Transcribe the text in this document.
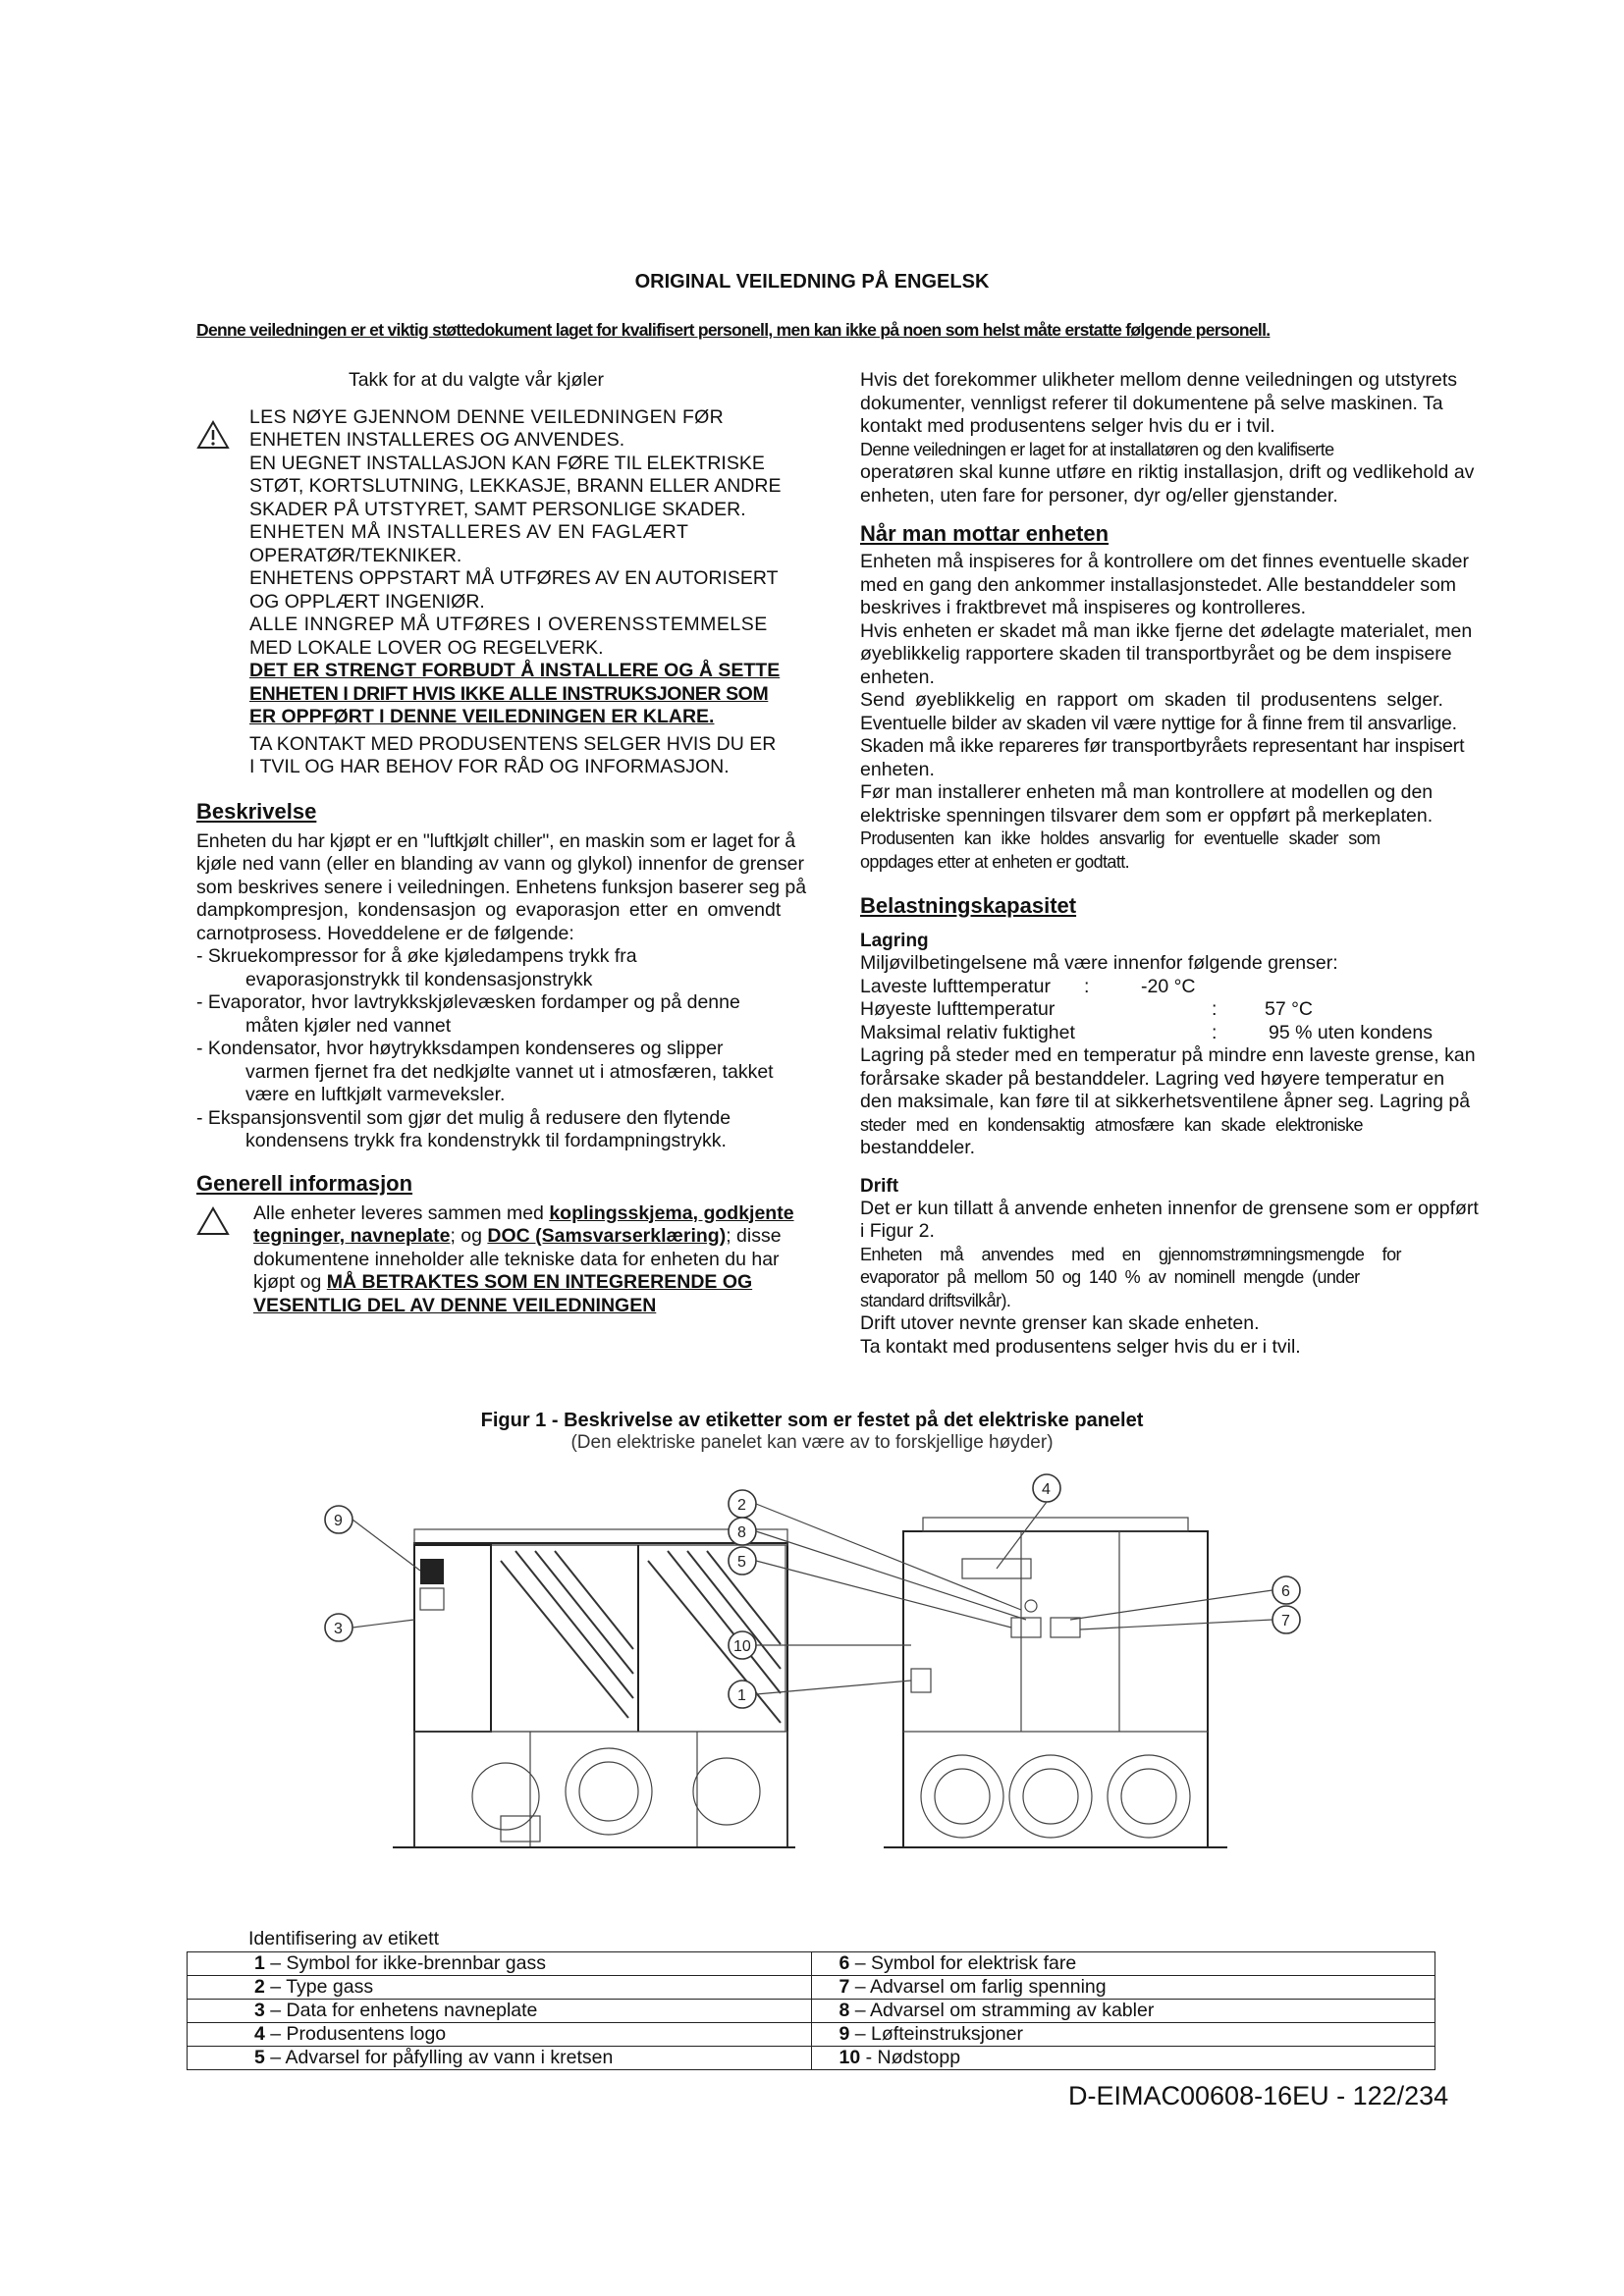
ORIGINAL VEILEDNING PÅ ENGELSK

Denne veiledningen er et viktig støttedokument laget for kvalifisert personell, men kan ikke på noen som helst måte erstatte følgende personell.

Takk for at du valgte vår kjøler

LES NØYE GJENNOM DENNE VEILEDNINGEN FØR

ENHETEN INSTALLERES OG ANVENDES.

EN UEGNET INSTALLASJON KAN FØRE TIL ELEKTRISKE

STØT, KORTSLUTNING, LEKKASJE, BRANN ELLER ANDRE

SKADER PÅ UTSTYRET, SAMT PERSONLIGE SKADER.

ENHETEN MÅ INSTALLERES AV EN FAGLÆRT

OPERATØR/TEKNIKER.

ENHETENS OPPSTART MÅ UTFØRES AV EN AUTORISERT

OG OPPLÆRT INGENIØR.

ALLE INNGREP MÅ UTFØRES I OVERENSSTEMMELSE

MED LOKALE LOVER OG REGELVERK.

DET ER STRENGT FORBUDT Å INSTALLERE OG Å SETTE

ENHETEN I DRIFT HVIS IKKE ALLE INSTRUKSJONER SOM

ER OPPFØRT I DENNE VEILEDNINGEN ER KLARE.

TA KONTAKT MED PRODUSENTENS SELGER HVIS DU ER

I TVIL OG HAR BEHOV FOR RÅD OG INFORMASJON.

Beskrivelse

Enheten du har kjøpt er en "luftkjølt chiller", en maskin som er laget for å

kjøle ned vann (eller en blanding av vann og glykol) innenfor de grenser

som beskrives senere i veiledningen. Enhetens funksjon baserer seg på

dampkompresjon, kondensasjon og evaporasjon etter en omvendt

carnotprosess. Hoveddelene er de følgende:

- Skruekompressor for å øke kjøledampens trykk fra
evaporasjonstrykk til kondensasjonstrykk
- Evaporator, hvor lavtrykkskjølevæsken fordamper og på denne
måten kjøler ned vannet
- Kondensator, hvor høytrykksdampen kondenseres og slipper
varmen fjernet fra det nedkjølte vannet ut i atmosfæren, takket
være en luftkjølt varmeveksler.
- Ekspansjonsventil som gjør det mulig å redusere den flytende
kondensens trykk fra kondenstrykk til fordampningstrykk.
Generell informasjon

Alle enheter leveres sammen med koplingsskjema, godkjente

tegninger, navneplate; og DOC (Samsvarserklæring); disse

dokumentene inneholder alle tekniske data for enheten du har

kjøpt og MÅ BETRAKTES SOM EN INTEGRERENDE OG

VESENTLIG DEL AV DENNE VEILEDNINGEN

Hvis det forekommer ulikheter mellom denne veiledningen og utstyrets

dokumenter, vennligst referer til dokumentene på selve maskinen. Ta

kontakt med produsentens selger hvis du er i tvil.

Denne veiledningen er laget for at installatøren og den kvalifiserte

operatøren skal kunne utføre en riktig installasjon, drift og vedlikehold av

enheten, uten fare for personer, dyr og/eller gjenstander.

Når man mottar enheten

Enheten må inspiseres for å kontrollere om det finnes eventuelle skader

med en gang den ankommer installasjonstedet. Alle bestanddeler som

beskrives i fraktbrevet må inspiseres og kontrolleres.

Hvis enheten er skadet må man ikke fjerne det ødelagte materialet, men

øyeblikkelig rapportere skaden til transportbyrået og be dem inspisere

enheten.

Send øyeblikkelig en rapport om skaden til produsentens selger.

Eventuelle bilder av skaden vil være nyttige for å finne frem til ansvarlige.

Skaden må ikke repareres før transportbyråets representant har inspisert

enheten.

Før man installerer enheten må man kontrollere at modellen og den

elektriske spenningen tilsvarer dem som er oppført på merkeplaten.

Produsenten kan ikke holdes ansvarlig for eventuelle skader som

oppdages etter at enheten er godtatt.

Belastningskapasitet
Lagring

Miljøvilbetingelsene må være innenfor følgende grenser:

Laveste lufttemperatur :	-20 °C
Høyeste lufttemperatur	: 57 °C
Maksimal relativ fuktighet	:	95 % uten kondens

Lagring på steder med en temperatur på mindre enn laveste grense, kan

forårsake skader på bestanddeler. Lagring ved høyere temperatur en

den maksimale, kan føre til at sikkerhetsventilene åpner seg. Lagring på

steder med en kondensaktig atmosfære kan skade elektroniske

bestanddeler.

Drift

Det er kun tillatt å anvende enheten innenfor de grensene som er oppført

i Figur 2.

Enheten må anvendes med en gjennomstrømningsmengde for

evaporator på mellom 50 og 140 % av nominell mengde (under

standard driftsvilkår).

Drift utover nevnte grenser kan skade enheten.

Ta kontakt med produsentens selger hvis du er i tvil.

Figur 1 - Beskrivelse av etiketter som er festet på det elektriske panelet
(Den elektriske panelet kan være av to forskjellige høyder)
9
3
2
8
5
10
1
4
6
7
Identifisering av etikett
1 – Symbol for ikke-brennbar gass	6 – Symbol for elektrisk fare
2 – Type gass	7 – Advarsel om farlig spenning
3 – Data for enhetens navneplate	8 – Advarsel om stramming av kabler
4 – Produsentens logo	9 – Løfteinstruksjoner
5 – Advarsel for påfylling av vann i kretsen	10 - Nødstopp
D-EIMAC00608-16EU - 122/234
